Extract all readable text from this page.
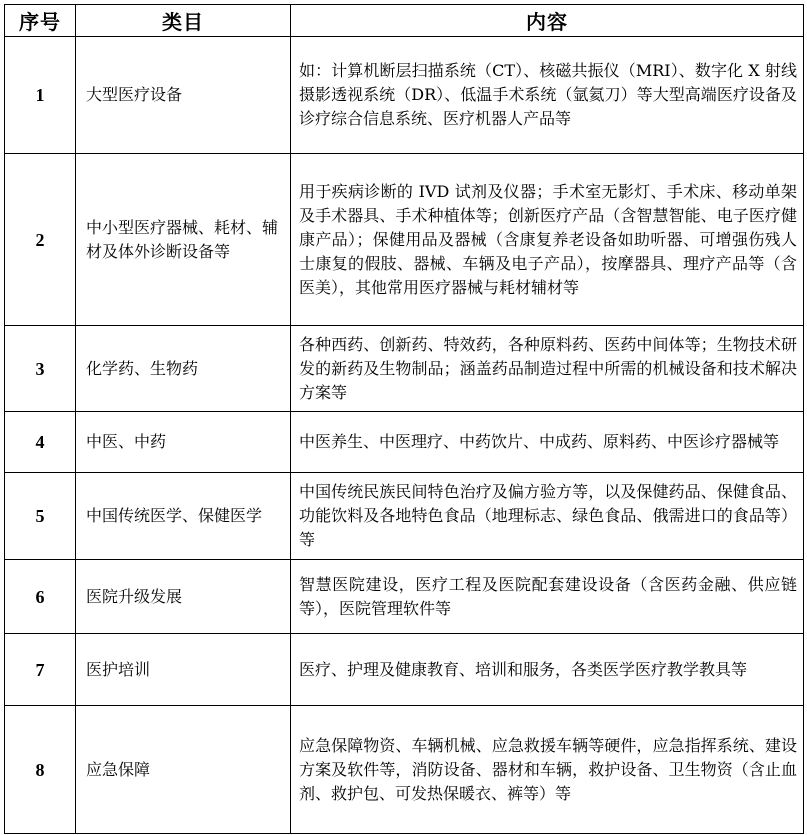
序号	类目	内容
1	大型医疗设备	如：计算机断层扫描系统（CT）、核磁共振仪（MRI）、数字化 X 射线摄影透视系统（DR）、低温手术系统（氩氦刀）等大型高端医疗设备及诊疗综合信息系统、医疗机器人产品等
2	中小型医疗器械、耗材、辅材及体外诊断设备等	用于疾病诊断的 IVD 试剂及仪器；手术室无影灯、手术床、移动单架及手术器具、手术种植体等；创新医疗产品（含智慧智能、电子医疗健康产品）；保健用品及器械（含康复养老设备如助听器、可增强伤残人士康复的假肢、器械、车辆及电子产品），按摩器具、理疗产品等（含医美），其他常用医疗器械与耗材辅材等
3	化学药、生物药	各种西药、创新药、特效药，各种原料药、医药中间体等；生物技术研发的新药及生物制品；涵盖药品制造过程中所需的机械设备和技术解决方案等
4	中医、中药	中医养生、中医理疗、中药饮片、中成药、原料药、中医诊疗器械等
5	中国传统医学、保健医学	中国传统民族民间特色治疗及偏方验方等，以及保健药品、保健食品、功能饮料及各地特色食品（地理标志、绿色食品、俄需进口的食品等）等
6	医院升级发展	智慧医院建设，医疗工程及医院配套建设设备（含医药金融、供应链等），医院管理软件等
7	医护培训	医疗、护理及健康教育、培训和服务，各类医学医疗教学教具等
8	应急保障	应急保障物资、车辆机械、应急救援车辆等硬件，应急指挥系统、建设方案及软件等，消防设备、器材和车辆，救护设备、卫生物资（含止血剂、救护包、可发热保暖衣、裤等）等
